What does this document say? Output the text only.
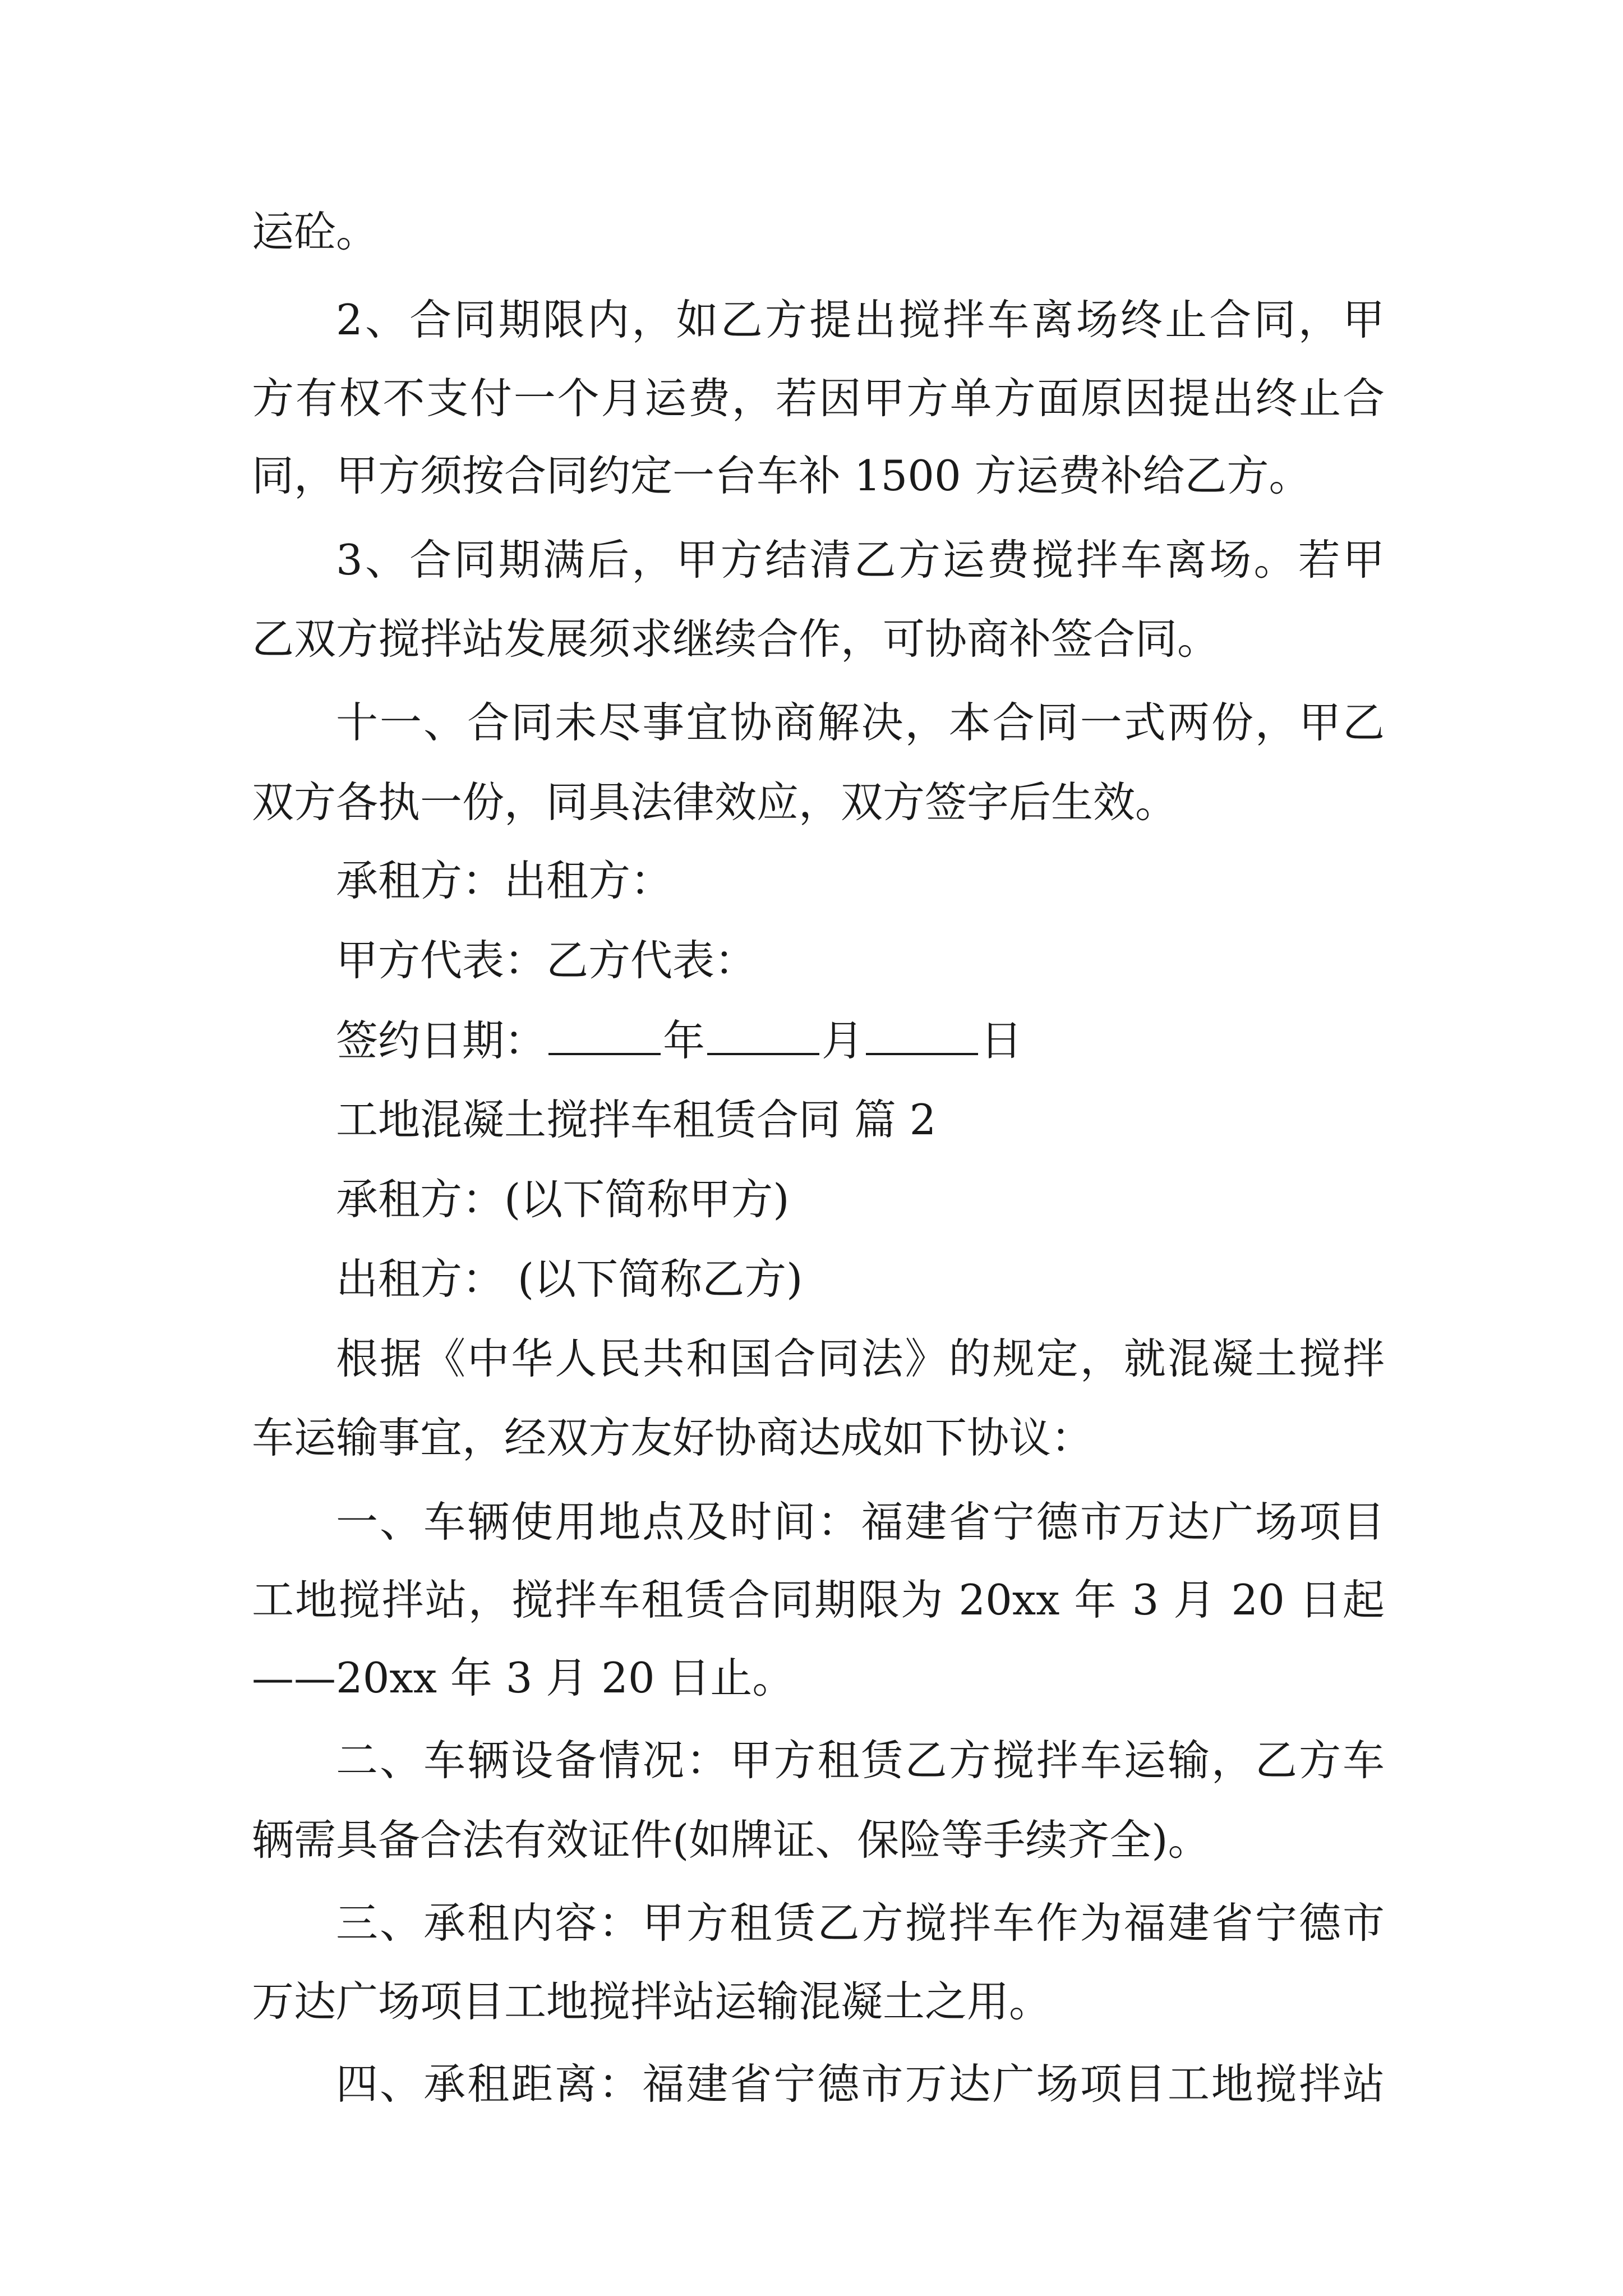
运砼。
2、合同期限内，如乙方提出搅拌车离场终止合同，甲
方有权不支付一个月运费，若因甲方单方面原因提出终止合
同，甲方须按合同约定一台车补 1500 方运费补给乙方。
3、合同期满后，甲方结清乙方运费搅拌车离场。若甲
乙双方搅拌站发展须求继续合作，可协商补签合同。
十一、合同未尽事宜协商解决，本合同一式两份，甲乙
双方各执一份，同具法律效应，双方签字后生效。
承租方：出租方：
甲方代表：乙方代表：
签约日期：	年	月	日
工地混凝土搅拌车租赁合同 篇 2
承租方：(以下简称甲方)
出租方： (以下简称乙方)
根据《中华人民共和国合同法》的规定，就混凝土搅拌
车运输事宜，经双方友好协商达成如下协议：
一、车辆使用地点及时间：福建省宁德市万达广场项目
工地搅拌站，搅拌车租赁合同期限为 20xx 年 3 月 20 日起
——20xx 年 3 月 20 日止。
二、车辆设备情况：甲方租赁乙方搅拌车运输，乙方车
辆需具备合法有效证件(如牌证、保险等手续齐全)。
三、承租内容：甲方租赁乙方搅拌车作为福建省宁德市
万达广场项目工地搅拌站运输混凝土之用。
四、承租距离：福建省宁德市万达广场项目工地搅拌站
